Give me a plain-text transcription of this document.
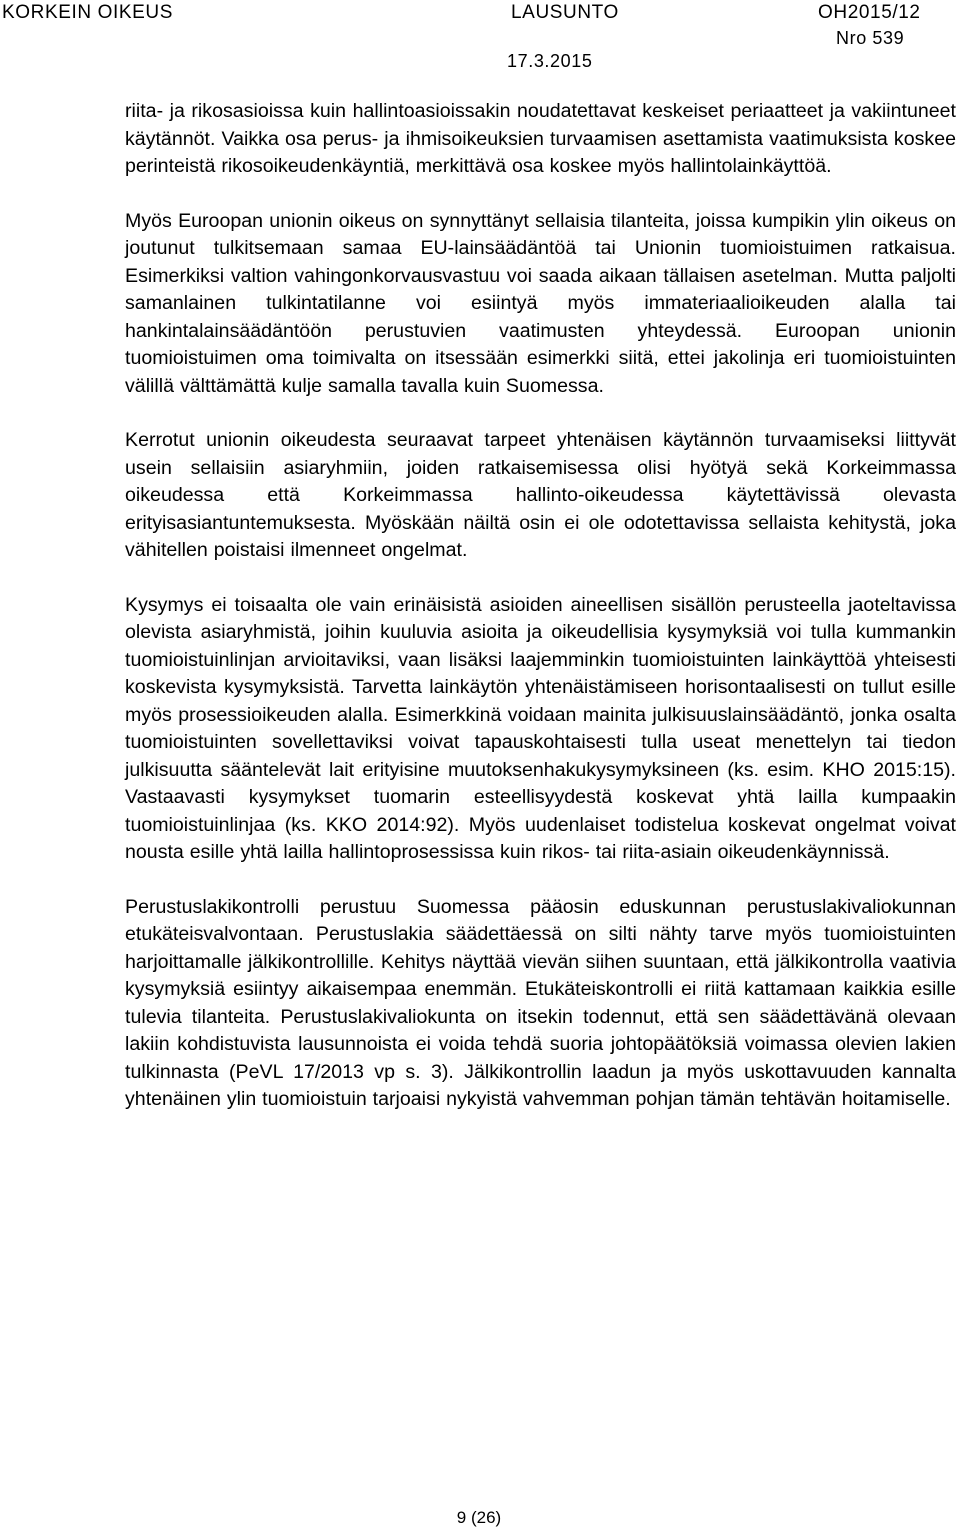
KORKEIN OIKEUS	LAUSUNTO	OH2015/12
Nro 539
17.3.2015

riita- ja rikosasioissa kuin hallintoasioissakin noudatettavat keskeiset periaatteet ja vakiintuneet käytännöt. Vaikka osa perus- ja ihmisoikeuksien turvaamisen asettamista vaatimuksista koskee perinteistä rikosoikeudenkäyntiä, merkittävä osa koskee myös hallintolainkäyttöä.

Myös Euroopan unionin oikeus on synnyttänyt sellaisia tilanteita, joissa kumpikin ylin oikeus on joutunut tulkitsemaan samaa EU-lainsäädäntöä tai Unionin tuomioistuimen ratkaisua. Esimerkiksi valtion vahingonkorvausvastuu voi saada aikaan tällaisen asetelman. Mutta paljolti samanlainen tulkintatilanne voi esiintyä myös immateriaalioikeuden alalla tai hankintalainsäädäntöön perustuvien vaatimusten yhteydessä. Euroopan unionin tuomioistuimen oma toimivalta on itsessään esimerkki siitä, ettei jakolinja eri tuomioistuinten välillä välttämättä kulje samalla tavalla kuin Suomessa.

Kerrotut unionin oikeudesta seuraavat tarpeet yhtenäisen käytännön turvaamiseksi liittyvät usein sellaisiin asiaryhmiin, joiden ratkaisemisessa olisi hyötyä sekä Korkeimmassa oikeudessa että Korkeimmassa hallinto-oikeudessa käytettävissä olevasta erityisasiantuntemuksesta. Myöskään näiltä osin ei ole odotettavissa sellaista kehitystä, joka vähitellen poistaisi ilmenneet ongelmat.

Kysymys ei toisaalta ole vain erinäisistä asioiden aineellisen sisällön perusteella jaoteltavissa olevista asiaryhmistä, joihin kuuluvia asioita ja oikeudellisia kysymyksiä voi tulla kummankin tuomioistuinlinjan arvioitaviksi, vaan lisäksi laajemminkin tuomioistuinten lainkäyttöä yhteisesti koskevista kysymyksistä. Tarvetta lainkäytön yhtenäistämiseen horisontaalisesti on tullut esille myös prosessioikeuden alalla. Esimerkkinä voidaan mainita julkisuuslainsäädäntö, jonka osalta tuomioistuinten sovellettaviksi voivat tapauskohtaisesti tulla useat menettelyn tai tiedon julkisuutta sääntelevät lait erityisine muutoksenhakukysymyksineen (ks. esim. KHO 2015:15). Vastaavasti kysymykset tuomarin esteellisyydestä koskevat yhtä lailla kumpaakin tuomioistuinlinjaa (ks. KKO 2014:92). Myös uudenlaiset todistelua koskevat ongelmat voivat nousta esille yhtä lailla hallintoprosessissa kuin rikos- tai riita-asiain oikeudenkäynnissä.

Perustuslakikontrolli perustuu Suomessa pääosin eduskunnan perustuslakivaliokunnan etukäteisvalvontaan. Perustuslakia säädettäessä on silti nähty tarve myös tuomioistuinten harjoittamalle jälkikontrollille. Kehitys näyttää vievän siihen suuntaan, että jälkikontrolla vaativia kysymyksiä esiintyy aikaisempaa enemmän. Etukäteiskontrolli ei riitä kattamaan kaikkia esille tulevia tilanteita. Perustuslakivaliokunta on itsekin todennut, että sen säädettävänä olevaan lakiin kohdistuvista lausunnoista ei voida tehdä suoria johtopäätöksiä voimassa olevien lakien tulkinnasta (PeVL 17/2013 vp s. 3). Jälkikontrollin laadun ja myös uskottavuuden kannalta yhtenäinen ylin tuomioistuin tarjoaisi nykyistä vahvemman pohjan tämän tehtävän hoitamiselle.

9 (26)
